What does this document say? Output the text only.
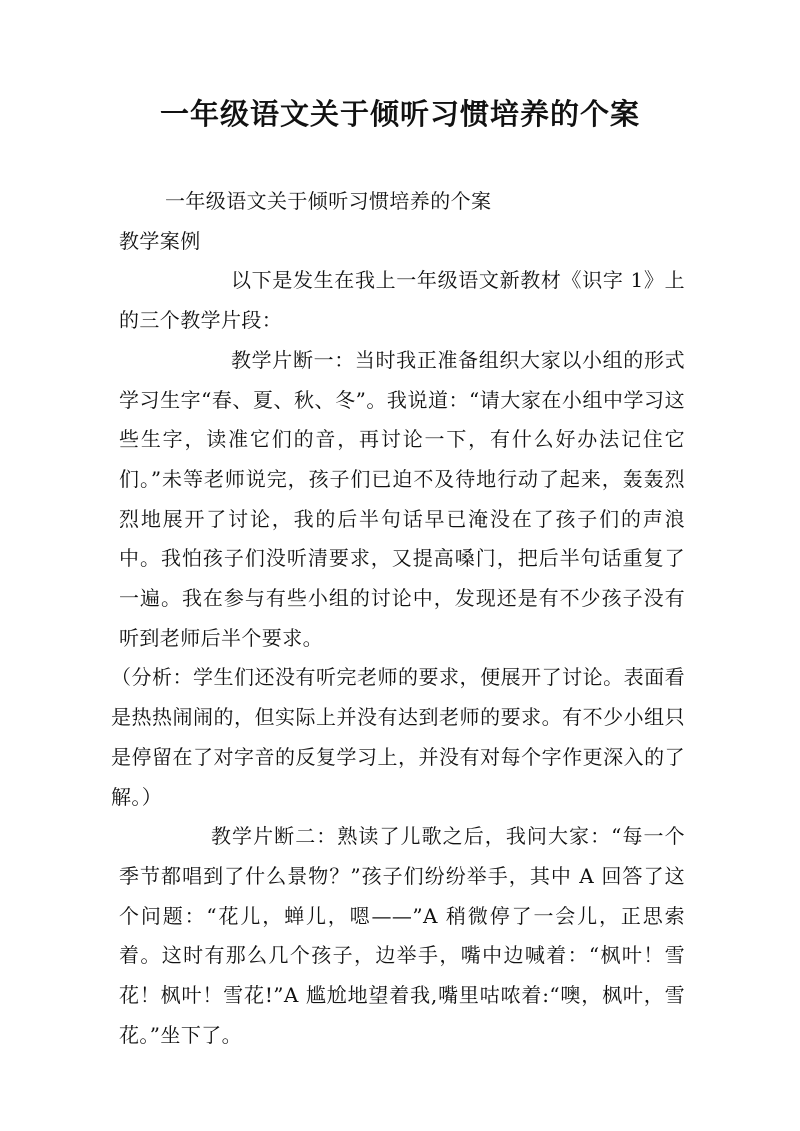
一年级语文关于倾听习惯培养的个案

一年级语文关于倾听习惯培养的个案

教学案例

以下是发生在我上一年级语文新教材《识字 1》上的三个教学片段：

教学片断一：当时我正准备组织大家以小组的形式学习生字“春、夏、秋、冬”。我说道：“请大家在小组中学习这些生字，读准它们的音，再讨论一下，有什么好办法记住它们。”未等老师说完，孩子们已迫不及待地行动了起来，轰轰烈烈地展开了讨论，我的后半句话早已淹没在了孩子们的声浪中。我怕孩子们没听清要求，又提高嗓门，把后半句话重复了一遍。我在参与有些小组的讨论中，发现还是有不少孩子没有听到老师后半个要求。

（分析：学生们还没有听完老师的要求，便展开了讨论。表面看是热热闹闹的，但实际上并没有达到老师的要求。有不少小组只是停留在了对字音的反复学习上，并没有对每个字作更深入的了解。）

教学片断二：熟读了儿歌之后，我问大家：“每一个季节都唱到了什么景物？”孩子们纷纷举手，其中 A 回答了这个问题：“花儿，蝉儿，嗯——”A 稍微停了一会儿，正思索着。这时有那么几个孩子，边举手，嘴中边喊着：“枫叶！雪花！枫叶！雪花!”A 尴尬地望着我,嘴里咕哝着:“噢，枫叶，雪花。”坐下了。
